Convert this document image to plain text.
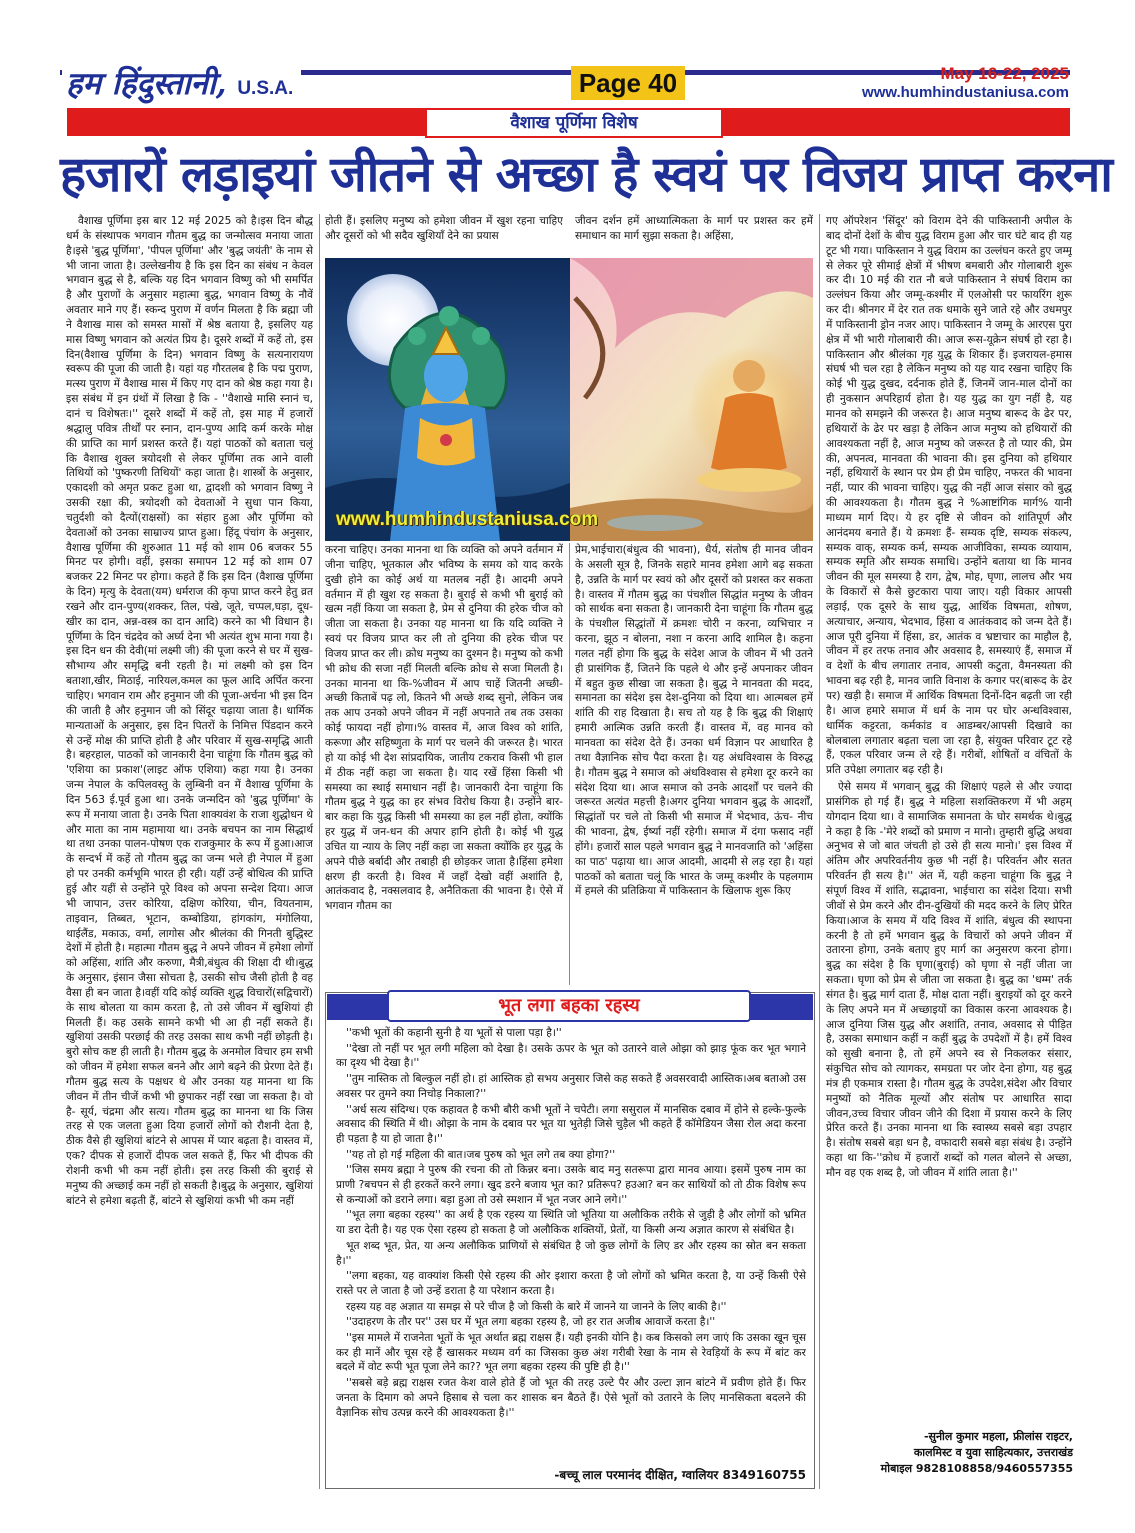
हम हिंदुस्तानी, U.S.A.	Page 40	May 16-22, 2025
www.humhindustaniusa.com
वैशाख पूर्णिमा विशेष
हजारों लड़ाइयां जीतने से अच्छा है स्वयं पर विजय प्राप्त करना

वैशाख पूर्णिमा इस बार 12 मई 2025 को है।इस दिन बौद्ध धर्म के संस्थापक भगवान गौतम बुद्ध का जन्मोत्सव मनाया जाता है।इसे 'बुद्ध पूर्णिमा', 'पीपल पूर्णिमा' और 'बुद्ध जयंती' के नाम से भी जाना जाता है। उल्लेखनीय है कि इस दिन का संबंध न केवल भगवान बुद्ध से है, बल्कि यह दिन भगवान विष्णु को भी समर्पित है और पुराणों के अनुसार महात्मा बुद्ध, भगवान विष्णु के नौवें अवतार माने गए हैं। स्कन्द पुराण में वर्णन मिलता है कि ब्रह्मा जी ने वैशाख मास को समस्त मासों में श्रेष्ठ बताया है, इसलिए यह मास विष्णु भगवान को अत्यंत प्रिय है। दूसरे शब्दों में कहें तो, इस दिन(वैशाख पूर्णिमा के दिन) भगवान विष्णु के सत्यनारायण स्वरूप की पूजा की जाती है। यहां यह गौरतलब है कि पद्म पुराण, मत्स्य पुराण में वैशाख मास में किए गए दान को श्रेष्ठ कहा गया है। इस संबंध में इन ग्रंथों में लिखा है कि - ''वैशाखे मासि स्नानं च, दानं च विशेषतः।'' दूसरे शब्दों में कहें तो, इस माह में हजारों श्रद्धालु पवित्र तीर्थों पर स्नान, दान-पुण्य आदि कर्म करके मोक्ष की प्राप्ति का मार्ग प्रशस्त करते हैं। यहां पाठकों को बताता चलूं कि वैशाख शुक्ल त्रयोदशी से लेकर पूर्णिमा तक आने वाली तिथियों को 'पुष्करणी तिथियों' कहा जाता है। शास्त्रों के अनुसार, एकादशी को अमृत प्रकट हुआ था, द्वादशी को भगवान विष्णु ने उसकी रक्षा की, त्रयोदशी को देवताओं ने सुधा पान किया, चतुर्दशी को दैत्यों(राक्षसों) का संहार हुआ और पूर्णिमा को देवताओं को उनका साम्राज्य प्राप्त हुआ। हिंदू पंचांग के अनुसार, वैशाख पूर्णिमा की शुरुआत 11 मई को शाम 06 बजकर 55 मिनट पर होगी। वहीं, इसका समापन 12 मई को शाम 07 बजकर 22 मिनट पर होगा। कहते हैं कि इस दिन (वैशाख पूर्णिमा के दिन) मृत्यु के देवता(यम) धर्मराज की कृपा प्राप्त करने हेतु व्रत रखने और दान-पुण्य(शक्कर, तिल, पंखे, जूते, चप्पल,घड़ा, दूध-खीर का दान, अन्न-वस्त्र का दान आदि) करने का भी विधान है।पूर्णिमा के दिन चंद्रदेव को अर्घ्य देना भी अत्यंत शुभ माना गया है।इस दिन धन की देवी(मां लक्ष्मी जी) की पूजा करने से घर में सुख-सौभाग्य और समृद्धि बनी रहती है। मां लक्ष्मी को इस दिन बताशा,खीर, मिठाई, नारियल,कमल का फूल आदि अर्पित करना चाहिए। भगवान राम और हनुमान जी की पूजा-अर्चना भी इस दिन की जाती है और हनुमान जी को सिंदूर चढ़ाया जाता है। धार्मिक मान्यताओं के अनुसार, इस दिन पितरों के निमित्त पिंडदान करने से उन्हें मोक्ष की प्राप्ति होती है और परिवार में सुख-समृद्धि आती है। बहरहाल, पाठकों को जानकारी देना चाहूंगा कि गौतम बुद्ध को 'एशिया का प्रकाश'(लाइट ऑफ एशिया) कहा गया है। उनका जन्म नेपाल के कपिलवस्तु के लुम्बिनी वन में वैशाख पूर्णिमा के दिन 563 ई.पूर्व हुआ था। उनके जन्मदिन को 'बुद्ध पूर्णिमा' के रूप में मनाया जाता है। उनके पिता शाक्यवंश के राजा शुद्धोधन थे और माता का नाम महामाया था। उनके बचपन का नाम सिद्धार्थ था तथा उनका पालन-पोषण एक राजकुमार के रूप में हुआ।आज के सन्दर्भ में कहें तो गौतम बुद्ध का जन्म भले ही नेपाल में हुआ हो पर उनकी कर्मभूमि भारत ही रही। यहीं उन्हें बोधित्व की प्राप्ति हुई और यहीं से उन्होंने पूरे विश्व को अपना सन्देश दिया। आज भी जापान, उत्तर कोरिया, दक्षिण कोरिया, चीन, वियतनाम, ताइवान, तिब्बत, भूटान, कम्बोडिया, हांगकांग, मंगोलिया, थाईलैंड, मकाऊ, वर्मा, लागोस और श्रीलंका की गिनती बुद्धिस्ट देशों में होती है। महात्मा गौतम बुद्ध ने अपने जीवन में हमेशा लोगों को अहिंसा, शांति और करुणा, मैत्री,बंधुत्व की शिक्षा दी थी।बुद्ध के अनुसार, इंसान जैसा सोचता है, उसकी सोच जैसी होती है वह वैसा ही बन जाता है।वहीं यदि कोई व्यक्ति शुद्ध विचारों(सद्विचारों) के साथ बोलता या काम करता है, तो उसे जीवन में खुशियां ही मिलती हैं। कह उसके सामने कभी भी आ ही नहीं सकते हैं। खुशियां उसकी परछाई की तरह उसका साथ कभी नहीं छोड़ती है। बुरो सोच कष्ट ही लाती है। गौतम बुद्ध के अनमोल विचार हम सभी को जीवन में हमेशा सफल बनने और आगे बढ़ने की प्रेरणा देते हैं।गौतम बुद्ध सत्य के पक्षधर थे और उनका यह मानना था कि जीवन में तीन चीजें कभी भी छुपाकर नहीं रखा जा सकता है। वो है- सूर्य, चंद्रमा और सत्य। गौतम बुद्ध का मानना था कि जिस तरह से एक जलता हुआ दिया हजारों लोगों को रौशनी देता है, ठीक वैसे ही खुशियां बांटने से आपस में प्यार बढ़ता है। वास्तव में, एक? दीपक से हजारों दीपक जल सकते हैं, फिर भी दीपक की रोशनी कभी भी कम नहीं होती। इस तरह किसी की बुराई से मनुष्य की अच्छाई कम नहीं हो सकती है।बुद्ध के अनुसार, खुशियां बांटने से हमेशा बढ़ती हैं, बांटने से खुशियां कभी भी कम नहीं

होती हैं। इसलिए मनुष्य को हमेशा जीवन में खुश रहना चाहिए और दूसरों को भी सदैव खुशियाँ देने का प्रयास

जीवन दर्शन हमें आध्यात्मिकता के मार्ग पर प्रशस्त कर हमें समाधान का मार्ग सुझा सकता है। अहिंसा,

www.humhindustaniusa.com

करना चाहिए। उनका मानना था कि व्यक्ति को अपने वर्तमान में जीना चाहिए, भूतकाल और भविष्य के समय को याद करके दुखी होने का कोई अर्थ या मतलब नहीं है। आदमी अपने वर्तमान में ही खुश रह सकता है। बुराई से कभी भी बुराई को खत्म नहीं किया जा सकता है, प्रेम से दुनिया की हरेक चीज को जीता जा सकता है। उनका यह मानना था कि यदि व्यक्ति ने स्वयं पर विजय प्राप्त कर ली तो दुनिया की हरेक चीज पर विजय प्राप्त कर ली। क्रोध मनुष्य का दुश्मन है। मनुष्य को कभी भी क्रोध की सजा नहीं मिलती बल्कि क्रोध से सजा मिलती है। उनका मानना था कि-%जीवन में आप चाहें जितनी अच्छी-अच्छी किताबें पढ़ लो, कितने भी अच्छे शब्द सुनो, लेकिन जब तक आप उनको अपने जीवन में नहीं अपनाते तब तक उसका कोई फायदा नहीं होगा।% वास्तव में, आज विश्व को शांति, करूणा और सहिष्णुता के मार्ग पर चलने की जरूरत है। भारत हो या कोई भी देश सांप्रदायिक, जातीय टकराव किसी भी हाल में ठीक नहीं कहा जा सकता है। याद रखें हिंसा किसी भी समस्या का स्थाई समाधान नहीं है। जानकारी देना चाहूंगा कि गौतम बुद्ध ने युद्ध का हर संभव विरोध किया है। उन्होंने बार-बार कहा कि युद्ध किसी भी समस्या का हल नहीं होता, क्योंकि हर युद्ध में जन-धन की अपार हानि होती है। कोई भी युद्ध उचित या न्याय के लिए नहीं कहा जा सकता क्योंकि हर युद्ध के अपने पीछे बर्बादी और तबाही ही छोड़कर जाता है।हिंसा हमेशा क्षरण ही करती है। विश्व में जहाँ देखो वहीं अशांति है, आतंकवाद है, नक्सलवाद है, अनैतिकता की भावना है। ऐसे में भगवान गौतम का

प्रेम,भाईचारा(बंधुत्व की भावना), धैर्य, संतोष ही मानव जीवन के असली सूत्र है, जिनके सहारे मानव हमेशा आगे बढ़ सकता है, उन्नति के मार्ग पर स्वयं को और दूसरों को प्रशस्त कर सकता है। वास्तव में गौतम बुद्ध का पंचशील सिद्धांत मनुष्य के जीवन को सार्थक बना सकता है। जानकारी देना चाहूंगा कि गौतम बुद्ध के पंचशील सिद्धांतों में क्रमशः चोरी न करना, व्यभिचार न करना, झूठ न बोलना, नशा न करना आदि शामिल है। कहना गलत नहीं होगा कि बुद्ध के संदेश आज के जीवन में भी उतने ही प्रासंगिक हैं, जितने कि पहले थे और इन्हें अपनाकर जीवन में बहुत कुछ सीखा जा सकता है। बुद्ध ने मानवता की मदद, समानता का संदेश इस देश-दुनिया को दिया था। आत्मबल हमें शांति की राह दिखाता है। सच तो यह है कि बुद्ध की शिक्षाएं हमारी आत्मिक उन्नति करती हैं। वास्तव में, वह मानव को मानवता का संदेश देते हैं। उनका धर्म विज्ञान पर आधारित है तथा वैज्ञानिक सोच पैदा करता है। यह अंधविश्वास के विरुद्ध है। गौतम बुद्ध ने समाज को अंधविश्वास से हमेशा दूर करने का संदेश दिया था। आज समाज को उनके आदर्शों पर चलने की जरूरत अत्यंत महत्ती है।अगर दुनिया भगवान बुद्ध के आदर्शों, सिद्धांतों पर चले तो किसी भी समाज में भेदभाव, ऊंच- नीच की भावना, द्वेष, ईर्ष्या नहीं रहेगी। समाज में दंगा फसाद नहीं होंगे। हजारों साल पहले भगवान बुद्ध ने मानवजाति को 'अहिंसा का पाठ' पढ़ाया था। आज आदमी, आदमी से लड़ रहा है। यहां पाठकों को बताता चलूं कि भारत के जम्मू कश्मीर के पहलगाम में हमले की प्रतिक्रिया में पाकिस्तान के खिलाफ शुरू किए

गए ऑपरेशन 'सिंदूर' को विराम देने की पाकिस्तानी अपील के बाद दोनों देशों के बीच युद्ध विराम हुआ और चार घंटे बाद ही यह टूट भी गया। पाकिस्तान ने युद्ध विराम का उल्लंघन करते हुए जम्मू से लेकर पूरे सीमाई क्षेत्रों में भीषण बमबारी और गोलाबारी शुरू कर दी। 10 मई की रात नौ बजे पाकिस्तान ने संघर्ष विराम का उल्लंघन किया और जम्मू-कश्मीर में एलओसी पर फायरिंग शुरू कर दी। श्रीनगर में देर रात तक धमाके सुने जाते रहे और उधमपुर में पाकिस्तानी ड्रोन नजर आए। पाकिस्तान ने जम्मू के आरएस पुरा क्षेत्र में भी भारी गोलाबारी की। आज रूस-यूक्रेन संघर्ष हो रहा है। पाकिस्तान और श्रीलंका गृह युद्ध के शिकार हैं। इजरायल-हमास संघर्ष भी चल रहा है लेकिन मनुष्य को यह याद रखना चाहिए कि कोई भी युद्ध दुखद, दर्दनाक होते हैं, जिनमें जान-माल दोनों का ही नुकसान अपरिहार्य होता है। यह युद्ध का युग नहीं है, यह मानव को समझने की जरूरत है। आज मनुष्य बारूद के ढेर पर, हथियारों के ढेर पर खड़ा है लेकिन आज मनुष्य को हथियारों की आवश्यकता नहीं है, आज मनुष्य को जरूरत है तो प्यार की, प्रेम की, अपनत्व, मानवता की भावना की। इस दुनिया को हथियार नहीं, हथियारों के स्थान पर प्रेम ही प्रेम चाहिए, नफरत की भावना नहीं, प्यार की भावना चाहिए। युद्ध की नहीं आज संसार को बुद्ध की आवश्यकता है। गौतम बुद्ध ने %आष्टांगिक मार्ग% यानी माध्यम मार्ग दिए। ये हर दृष्टि से जीवन को शांतिपूर्ण और आनंदमय बनाते हैं। ये क्रमशः हैं- सम्यक दृष्टि, सम्यक संकल्प, सम्यक वाक्, सम्यक कर्म, सम्यक आजीविका, सम्यक व्यायाम, सम्यक स्मृति और सम्यक समाधि। उन्होंने बताया था कि मानव जीवन की मूल समस्या है राग, द्वेष, मोह, घृणा, लालच और भय के विकारों से कैसे छुटकारा पाया जाए। यही विकार आपसी लड़ाई, एक दूसरे के साथ युद्ध, आर्थिक विषमता, शोषण, अत्याचार, अन्याय, भेदभाव, हिंसा व आतंकवाद को जन्म देते हैं। आज पूरी दुनिया में हिंसा, डर, आतंक व भ्रष्टाचार का माहौल है, जीवन में हर तरफ तनाव और अवसाद है, समस्याएं हैं, समाज में व देशों के बीच लगातार तनाव, आपसी कटुता, वैमनस्यता की भावना बढ़ रही है, मानव जाति विनाश के कगार पर(बारूद के ढेर पर) खड़ी है। समाज में आर्थिक विषमता दिनों-दिन बढ़ती जा रही है। आज हमारे समाज में धर्म के नाम पर घोर अन्धविश्वास, धार्मिक कट्टरता, कर्मकांड व आडम्बर/आपसी दिखावे का बोलबाला लगातार बढ़ता चला जा रहा है, संयुक्त परिवार टूट रहे हैं, एकल परिवार जन्म ले रहे हैं। गरीबों, शोषितों व वंचितों के प्रति उपेक्षा लगातार बढ़ रही है।

ऐसे समय में भगवान् बुद्ध की शिक्षाएं पहले से और ज्यादा प्रासंगिक हो गई हैं। बुद्ध ने महिला सशक्तिकरण में भी अहम् योगदान दिया था। वे सामाजिक समानता के घोर समर्थक थे।बुद्ध ने कहा है कि -'मेरे शब्दों को प्रमाण न मानो। तुम्हारी बुद्धि अथवा अनुभव से जो बात जंचती हो उसे ही सत्य मानो।' इस विश्व में अंतिम और अपरिवर्तनीय कुछ भी नहीं है। परिवर्तन और सतत परिवर्तन ही सत्य है।'' अंत में, यही कहना चाहूंगा कि बुद्ध ने संपूर्ण विश्व में शांति, सद्भावना, भाईचारा का संदेश दिया। सभी जीवों से प्रेम करने और दीन-दुखियों की मदद करने के लिए प्रेरित किया।आज के समय में यदि विश्व में शांति, बंधुत्व की स्थापना करनी है तो हमें भगवान बुद्ध के विचारों को अपने जीवन में उतारना होगा, उनके बताए हुए मार्ग का अनुसरण करना होगा। बुद्ध का संदेश है कि घृणा(बुराई) को घृणा से नहीं जीता जा सकता। घृणा को प्रेम से जीता जा सकता है। बुद्ध का 'धम्म' तर्क संगत है। बुद्ध मार्ग दाता हैं, मोक्ष दाता नहीं। बुराइयों को दूर करने के लिए अपने मन में अच्छाइयों का विकास करना आवश्यक है।आज दुनिया जिस युद्ध और अशांति, तनाव, अवसाद से पीड़ित है, उसका समाधान कहीं न कहीं बुद्ध के उपदेशों में है। हमें विश्व को सुखी बनाना है, तो हमें अपने स्व से निकलकर संसार, संकुचित सोच को त्यागकर, समग्रता पर जोर देना होगा, यह बुद्ध मंत्र ही एकमात्र रास्ता है। गौतम बुद्ध के उपदेश,संदेश और विचार मनुष्यों को नैतिक मूल्यों और संतोष पर आधारित सादा जीवन,उच्च विचार जीवन जीने की दिशा में प्रयास करने के लिए प्रेरित करते हैं। उनका मानना था कि स्वास्थ्य सबसे बड़ा उपहार है। संतोष सबसे बड़ा धन है, वफादारी सबसे बड़ा संबंध है। उन्होंने कहा था कि-''क्रोध में हजारों शब्दों को गलत बोलने से अच्छा, मौन वह एक शब्द है, जो जीवन में शांति लाता है।''

-सुनील कुमार महला, फ्रीलांस राइटर,
कालमिस्ट व युवा साहित्यकार, उत्तराखंड
मोबाइल 9828108858/9460557355
भूत लगा बहका रहस्य

''कभी भूतों की कहानी सुनी है या भूतों से पाला पड़ा है।''

''देखा तो नहीं पर भूत लगी महिला को देखा है। उसके ऊपर के भूत को उतारने वाले ओझा को झाड़ फूंक कर भूत भगाने का दृश्य भी देखा है।''

''तुम नास्तिक तो बिल्कुल नहीं हो। हां आस्तिक हो सभय अनुसार जिसे कह सकते हैं अवसरवादी आस्तिक।अब बताओ उस अवसर पर तुमने क्या निचोड़ निकाला?''

''अर्ध सत्य संदिग्ध। एक कहावत है कभी बौरी कभी भूतों ने चपेटी। लगा ससुराल में मानसिक दबाव में होने से हल्के-फुल्के अवसाद की स्थिति में थी। ओझा के नाम के दबाव पर भूत या भुतेड़ी जिसे चुड़ैल भी कहते हैं कॉमेडियन जैसा रोल अदा करना ही पड़ता है या हो जाता है।''

''यह तो हो गई महिला की बात।जब पुरुष को भूत लगे तब क्या होगा?''

''जिस समय ब्रह्मा ने पुरुष की रचना की तो किन्नर बना। उसके बाद मनु सतरूपा द्वारा मानव आया। इसमें पुरुष नाम का प्राणी ?बचपन से ही हरकतें करने लगा। खुद डरने बजाय भूत का? प्रतिरूप? हउआ? बन कर साथियों को तो ठीक विशेष रूप से कन्याओं को डराने लगा। बड़ा हुआ तो उसे स्मशान में भूत नजर आने लगे।''

''भूत लगा बहका रहस्य'' का अर्थ है एक रहस्य या स्थिति जो भूतिया या अलौकिक तरीके से जुड़ी है और लोगों को भ्रमित या डरा देती है। यह एक ऐसा रहस्य हो सकता है जो अलौकिक शक्तियों, प्रेतों, या किसी अन्य अज्ञात कारण से संबंधित है।

भूत शब्द भूत, प्रेत, या अन्य अलौकिक प्राणियों से संबंधित है जो कुछ लोगों के लिए डर और रहस्य का स्रोत बन सकता है।''

''लगा बहका, यह वाक्यांश किसी ऐसे रहस्य की ओर इशारा करता है जो लोगों को भ्रमित करता है, या उन्हें किसी ऐसे रास्ते पर ले जाता है जो उन्हें डराता है या परेशान करता है।

रहस्य यह वह अज्ञात या समझ से परे चीज है जो किसी के बारे में जानने या जानने के लिए बाकी है।''

''उदाहरण के तौर पर'' उस घर में भूत लगा बहका रहस्य है, जो हर रात अजीब आवाजें करता है।''

''इस मामले में राजनेता भूतों के भूत अर्थात ब्रह्म राक्षस हैं। यही इनकी योनि है। कब किसको लग जाएं कि उसका खून चूस कर ही मानें और चूस रहे हैं खासकर मध्यम वर्ग का जिसका कुछ अंश गरीबी रेखा के नाम से रेवड़ियों के रूप में बांट कर बदले में वोट रूपी भूत पूजा लेने का?? भूत लगा बहका रहस्य की पुष्टि ही है।''

''सबसे बड़े ब्रह्म राक्षस रजत केश वाले होते हैं जो भूत की तरह उल्टे पैर और उल्टा ज्ञान बांटने में प्रवीण होते हैं। फिर जनता के दिमाग को अपने हिसाब से चला कर शासक बन बैठते हैं। ऐसे भूतों को उतारने के लिए मानसिकता बदलने की वैज्ञानिक सोच उत्पन्न करने की आवश्यकता है।''

-बच्चू लाल परमानंद दीक्षित, ग्वालियर 8349160755
